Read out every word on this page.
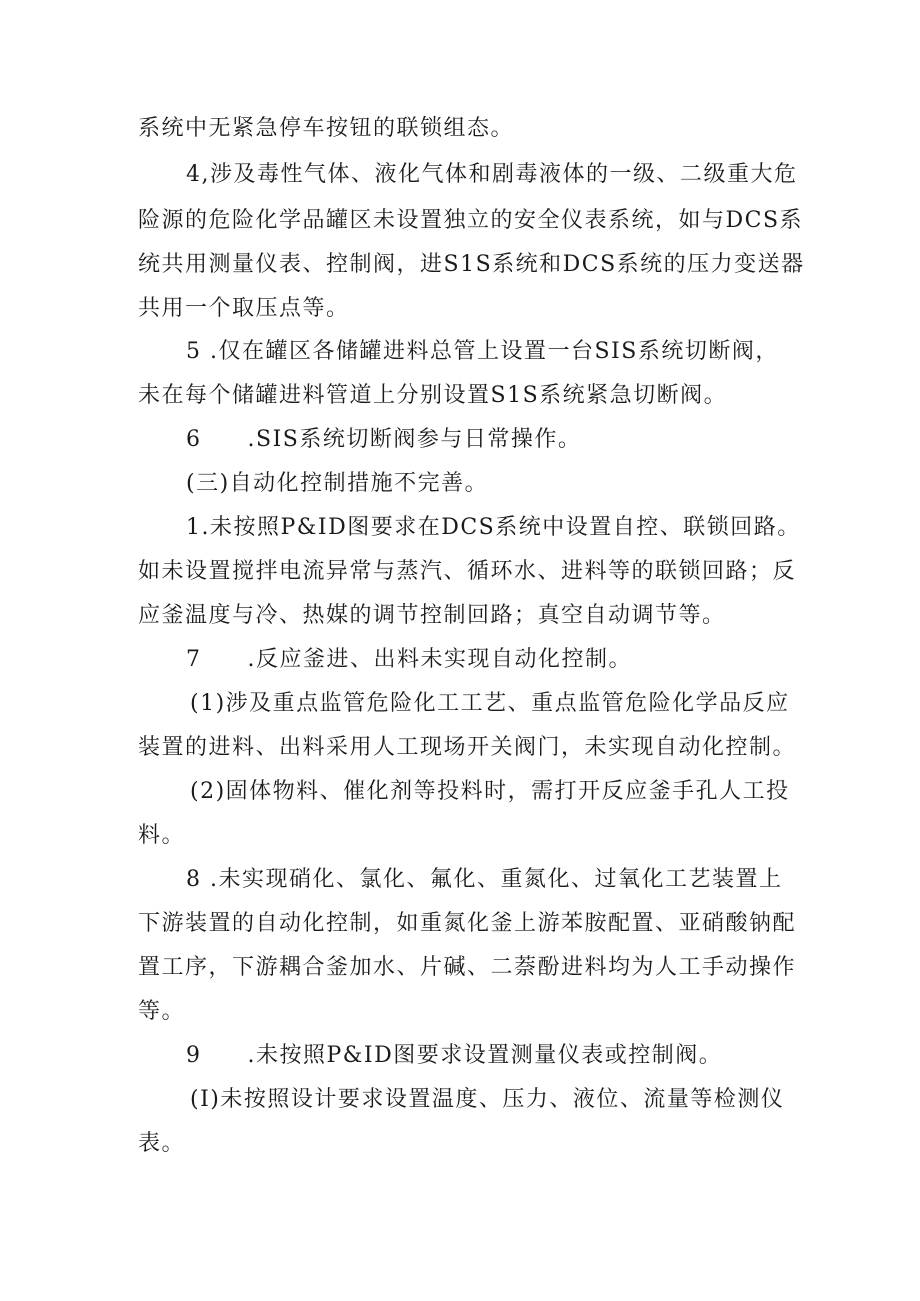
系统中无紧急停车按钮的联锁组态。
4,涉及毒性气体、液化气体和剧毒液体的一级、二级重大危
险源的危险化学品罐区未设置独立的安全仪表系统，如与DCS系
统共用测量仪表、控制阀，进S1S系统和DCS系统的压力变送器
共用一个取压点等。
5 .仅在罐区各储罐进料总管上设置一台SIS系统切断阀，
未在每个储罐进料管道上分别设置S1S系统紧急切断阀。
6 .SIS系统切断阀参与日常操作。
(三)自动化控制措施不完善。
1.未按照P&ID图要求在DCS系统中设置自控、联锁回路。
如未设置搅拌电流异常与蒸汽、循环水、进料等的联锁回路；反
应釜温度与冷、热媒的调节控制回路；真空自动调节等。
7 .反应釜进、出料未实现自动化控制。
(1)涉及重点监管危险化工工艺、重点监管危险化学品反应
装置的进料、出料采用人工现场开关阀门，未实现自动化控制。
(2)固体物料、催化剂等投料时，需打开反应釜手孔人工投
料。
8 .未实现硝化、氯化、氟化、重氮化、过氧化工艺装置上
下游装置的自动化控制，如重氮化釜上游苯胺配置、亚硝酸钠配
置工序，下游耦合釜加水、片碱、二萘酚进料均为人工手动操作
等。
9 .未按照P&ID图要求设置测量仪表或控制阀。
(I)未按照设计要求设置温度、压力、液位、流量等检测仪
表。
